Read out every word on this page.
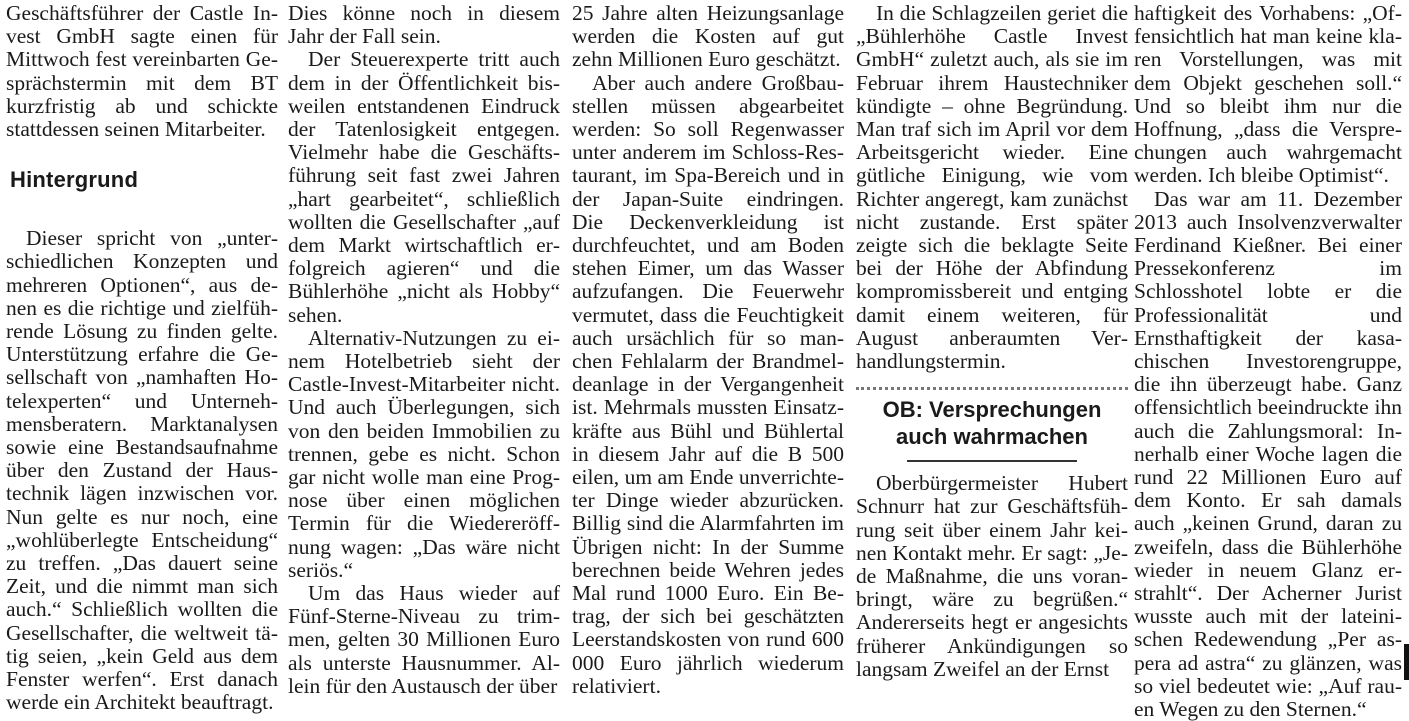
Geschäftsführer der Castle Invest GmbH sagte einen für Mittwoch fest vereinbarten Gesprächstermin mit dem BT kurzfristig ab und schickte stattdessen seinen Mitarbeiter.

Hintergrund

Dieser spricht von „unterschiedlichen Konzepten und mehreren Optionen“, aus denen es die richtige und zielführende Lösung zu finden gelte. Unterstützung erfahre die Gesellschaft von „namhaften Hotelexperten“ und Unternehmensberatern. Marktanalysen sowie eine Bestandsaufnahme über den Zustand der Haustechnik lägen inzwischen vor. Nun gelte es nur noch, eine „wohlüberlegte Entscheidung“ zu treffen. „Das dauert seine Zeit, und die nimmt man sich auch.“ Schließlich wollten die Gesellschafter, die weltweit tätig seien, „kein Geld aus dem Fenster werfen“. Erst danach werde ein Architekt beauftragt.

Dies könne noch in diesem Jahr der Fall sein.

Der Steuerexperte tritt auch dem in der Öffentlichkeit bisweilen entstandenen Eindruck der Tatenlosigkeit entgegen. Vielmehr habe die Geschäftsführung seit fast zwei Jahren „hart gearbeitet“, schließlich wollten die Gesellschafter „auf dem Markt wirtschaftlich erfolgreich agieren“ und die Bühlerhöhe „nicht als Hobby“ sehen.

Alternativ-Nutzungen zu einem Hotelbetrieb sieht der Castle-Invest-Mitarbeiter nicht. Und auch Überlegungen, sich von den beiden Immobilien zu trennen, gebe es nicht. Schon gar nicht wolle man eine Prognose über einen möglichen Termin für die Wiedereröffnung wagen: „Das wäre nicht seriös.“

Um das Haus wieder auf Fünf-Sterne-Niveau zu trimmen, gelten 30 Millionen Euro als unterste Hausnummer. Allein für den Austausch der über

25 Jahre alten Heizungsanlage werden die Kosten auf gut zehn Millionen Euro geschätzt.

Aber auch andere Großbaustellen müssen abgearbeitet werden: So soll Regenwasser unter anderem im Schloss-Restaurant, im Spa-Bereich und in der Japan-Suite eindringen. Die Deckenverkleidung ist durchfeuchtet, und am Boden stehen Eimer, um das Wasser aufzufangen. Die Feuerwehr vermutet, dass die Feuchtigkeit auch ursächlich für so manchen Fehlalarm der Brandmeldeanlage in der Vergangenheit ist. Mehrmals mussten Einsatzkräfte aus Bühl und Bühlertal in diesem Jahr auf die B 500 eilen, um am Ende unverrichteter Dinge wieder abzurücken. Billig sind die Alarmfahrten im Übrigen nicht: In der Summe berechnen beide Wehren jedes Mal rund 1000 Euro. Ein Betrag, der sich bei geschätzten Leerstandskosten von rund 600 000 Euro jährlich wiederum relativiert.

In die Schlagzeilen geriet die „Bühlerhöhe Castle Invest GmbH“ zuletzt auch, als sie im Februar ihrem Haustechniker kündigte – ohne Begründung. Man traf sich im April vor dem Arbeitsgericht wieder. Eine gütliche Einigung, wie vom Richter angeregt, kam zunächst nicht zustande. Erst später zeigte sich die beklagte Seite bei der Höhe der Abfindung kompromissbereit und entging damit einem weiteren, für August anberaumten Verhandlungstermin.

OB: Versprechungen auch wahrmachen

Oberbürgermeister Hubert Schnurr hat zur Geschäftsführung seit über einem Jahr keinen Kontakt mehr. Er sagt: „Jede Maßnahme, die uns voranbringt, wäre zu begrüßen.“ Andererseits hegt er angesichts früherer Ankündigungen so langsam Zweifel an der Ernst

haftigkeit des Vorhabens: „Offensichtlich hat man keine klaren Vorstellungen, was mit dem Objekt geschehen soll.“ Und so bleibt ihm nur die Hoffnung, „dass die Versprechungen auch wahrgemacht werden. Ich bleibe Optimist“.

Das war am 11. Dezember 2013 auch Insolvenzverwalter Ferdinand Kießner. Bei einer Pressekonferenz im Schlosshotel lobte er die Professionalität und Ernsthaftigkeit der kasachischen Investorengruppe, die ihn überzeugt habe. Ganz offensichtlich beeindruckte ihn auch die Zahlungsmoral: Innerhalb einer Woche lagen die rund 22 Millionen Euro auf dem Konto. Er sah damals auch „keinen Grund, daran zu zweifeln, dass die Bühlerhöhe wieder in neuem Glanz erstrahlt“. Der Acherner Jurist wusste auch mit der lateinischen Redewendung „Per aspera ad astra“ zu glänzen, was so viel bedeutet wie: „Auf rauen Wegen zu den Sternen.“
